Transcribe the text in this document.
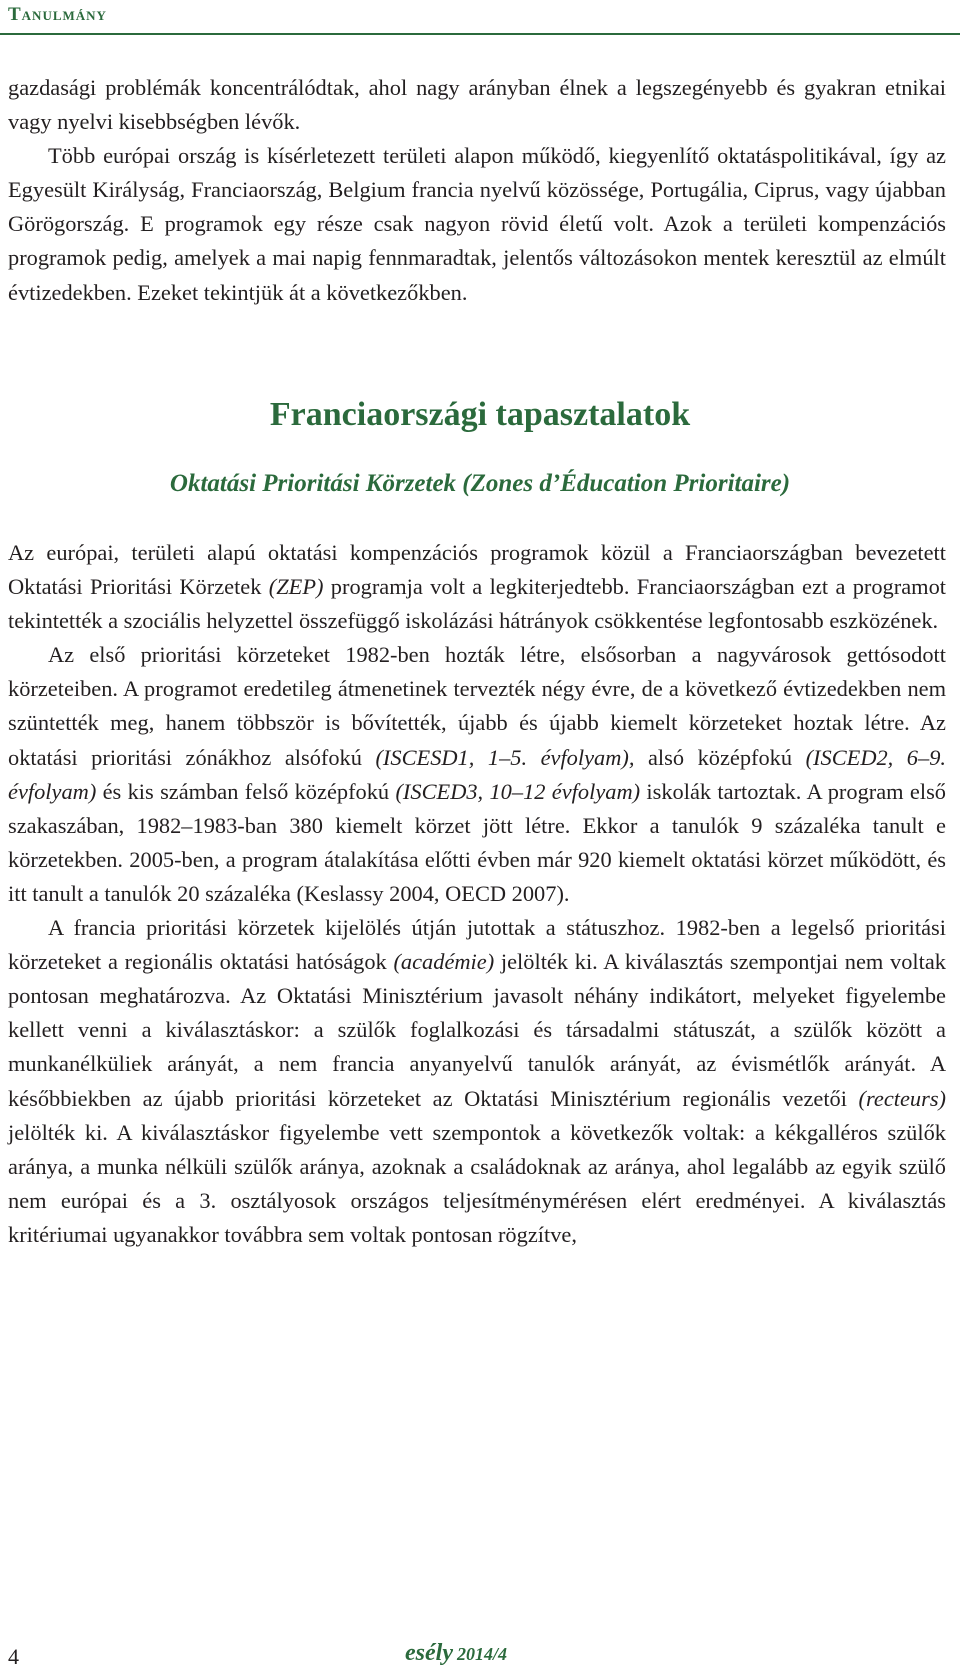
Tanulmány

gazdasági problémák koncentrálódtak, ahol nagy arányban élnek a legszegényebb és gyakran etnikai vagy nyelvi kisebbségben lévők.

Több európai ország is kísérletezett területi alapon működő, kiegyenlítő oktatáspolitikával, így az Egyesült Királyság, Franciaország, Belgium francia nyelvű közössége, Portugália, Ciprus, vagy újabban Görögország. E programok egy része csak nagyon rövid életű volt. Azok a területi kompenzációs programok pedig, amelyek a mai napig fennmaradtak, jelentős változásokon mentek keresztül az elmúlt évtizedekben. Ezeket tekintjük át a következőkben.

Franciaországi tapasztalatok
Oktatási Prioritási Körzetek (Zones d’Éducation Prioritaire)

Az európai, területi alapú oktatási kompenzációs programok közül a Franciaországban bevezetett Oktatási Prioritási Körzetek (ZEP) programja volt a legkiterjedtebb. Franciaországban ezt a programot tekintették a szociális helyzettel összefüggő iskolázási hátrányok csökkentése legfontosabb eszközének.

Az első prioritási körzeteket 1982-ben hozták létre, elsősorban a nagyvárosok gettósodott körzeteiben. A programot eredetileg átmenetinek tervezték négy évre, de a következő évtizedekben nem szüntették meg, hanem többször is bővítették, újabb és újabb kiemelt körzeteket hoztak létre. Az oktatási prioritási zónákhoz alsófokú (ISCESD1, 1–5. évfolyam), alsó középfokú (ISCED2, 6–9. évfolyam) és kis számban felső középfokú (ISCED3, 10–12 évfolyam) iskolák tartoztak. A program első szakaszában, 1982–1983-ban 380 kiemelt körzet jött létre. Ekkor a tanulók 9 százaléka tanult e körzetekben. 2005-ben, a program átalakítása előtti évben már 920 kiemelt oktatási körzet működött, és itt tanult a tanulók 20 százaléka (Keslassy 2004, OECD 2007).

A francia prioritási körzetek kijelölés útján jutottak a státuszhoz. 1982-ben a legelső prioritási körzeteket a regionális oktatási hatóságok (académie) jelölték ki. A kiválasztás szempontjai nem voltak pontosan meghatározva. Az Oktatási Minisztérium javasolt néhány indikátort, melyeket figyelembe kellett venni a kiválasztáskor: a szülők foglalkozási és társadalmi státuszát, a szülők között a munkanélküliek arányát, a nem francia anyanyelvű tanulók arányát, az évismétlők arányát. A későbbiekben az újabb prioritási körzeteket az Oktatási Minisztérium regionális vezetői (recteurs) jelölték ki. A kiválasztáskor figyelembe vett szempontok a következők voltak: a kékgalléros szülők aránya, a munka nélküli szülők aránya, azoknak a családoknak az aránya, ahol legalább az egyik szülő nem európai és a 3. osztályosok országos teljesítménymérésen elért eredményei. A kiválasztás kritériumai ugyanakkor továbbra sem voltak pontosan rögzítve,

4	esély 2014/4
